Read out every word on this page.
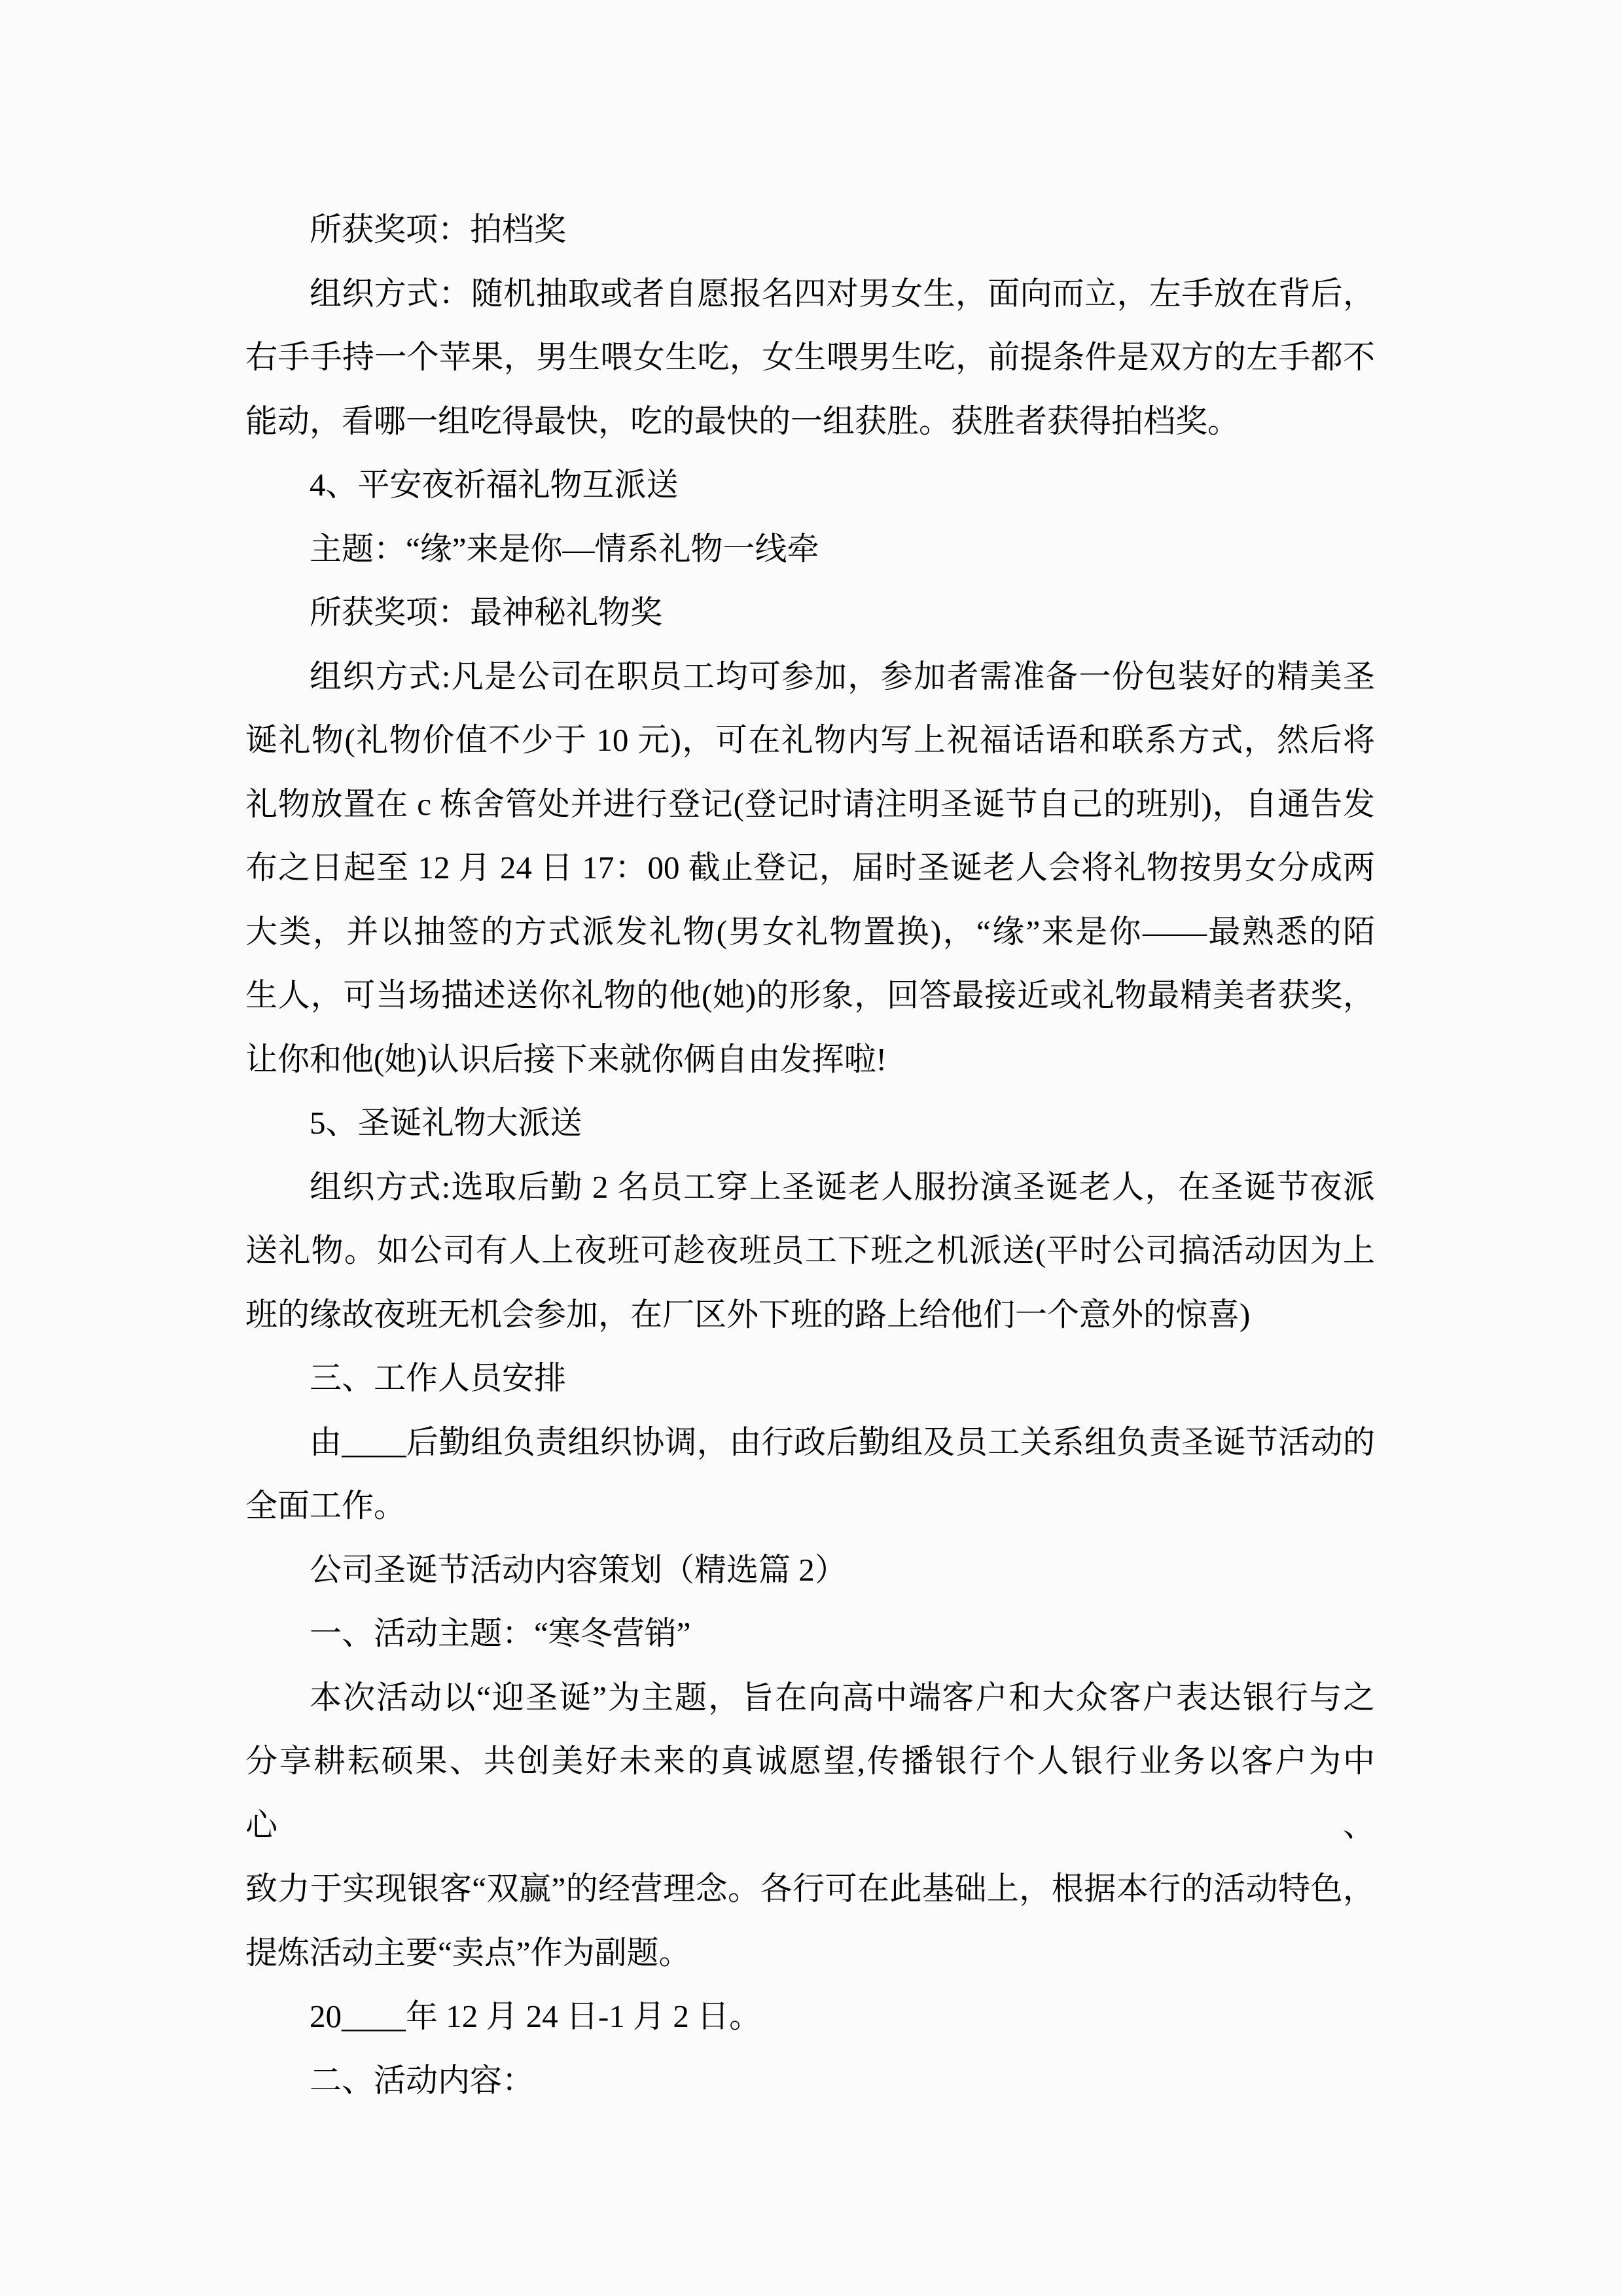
所获奖项：拍档奖

组织方式：随机抽取或者自愿报名四对男女生，面向而立，左手放在背后，

右手手持一个苹果，男生喂女生吃，女生喂男生吃，前提条件是双方的左手都不

能动，看哪一组吃得最快，吃的最快的一组获胜。获胜者获得拍档奖。

4、平安夜祈福礼物互派送

主题：“缘”来是你—情系礼物一线牵

所获奖项：最神秘礼物奖

组织方式:凡是公司在职员工均可参加，参加者需准备一份包装好的精美圣

诞礼物(礼物价值不少于 10 元)，可在礼物内写上祝福话语和联系方式，然后将

礼物放置在 c 栋舍管处并进行登记(登记时请注明圣诞节自己的班别)，自通告发

布之日起至 12 月 24 日 17：00 截止登记，届时圣诞老人会将礼物按男女分成两

大类，并以抽签的方式派发礼物(男女礼物置换)，“缘”来是你——最熟悉的陌

生人，可当场描述送你礼物的他(她)的形象，回答最接近或礼物最精美者获奖，

让你和他(她)认识后接下来就你俩自由发挥啦!

5、圣诞礼物大派送

组织方式:选取后勤 2 名员工穿上圣诞老人服扮演圣诞老人，在圣诞节夜派

送礼物。如公司有人上夜班可趁夜班员工下班之机派送(平时公司搞活动因为上

班的缘故夜班无机会参加，在厂区外下班的路上给他们一个意外的惊喜)

三、工作人员安排

由____后勤组负责组织协调，由行政后勤组及员工关系组负责圣诞节活动的

全面工作。

公司圣诞节活动内容策划（精选篇 2）

一、活动主题：“寒冬营销”

本次活动以“迎圣诞”为主题，旨在向高中端客户和大众客户表达银行与之

分享耕耘硕果、共创美好未来的真诚愿望,传播银行个人银行业务以客户为中心、

致力于实现银客“双赢”的经营理念。各行可在此基础上，根据本行的活动特色，

提炼活动主要“卖点”作为副题。

20____年 12 月 24 日-1 月 2 日。

二、活动内容：
